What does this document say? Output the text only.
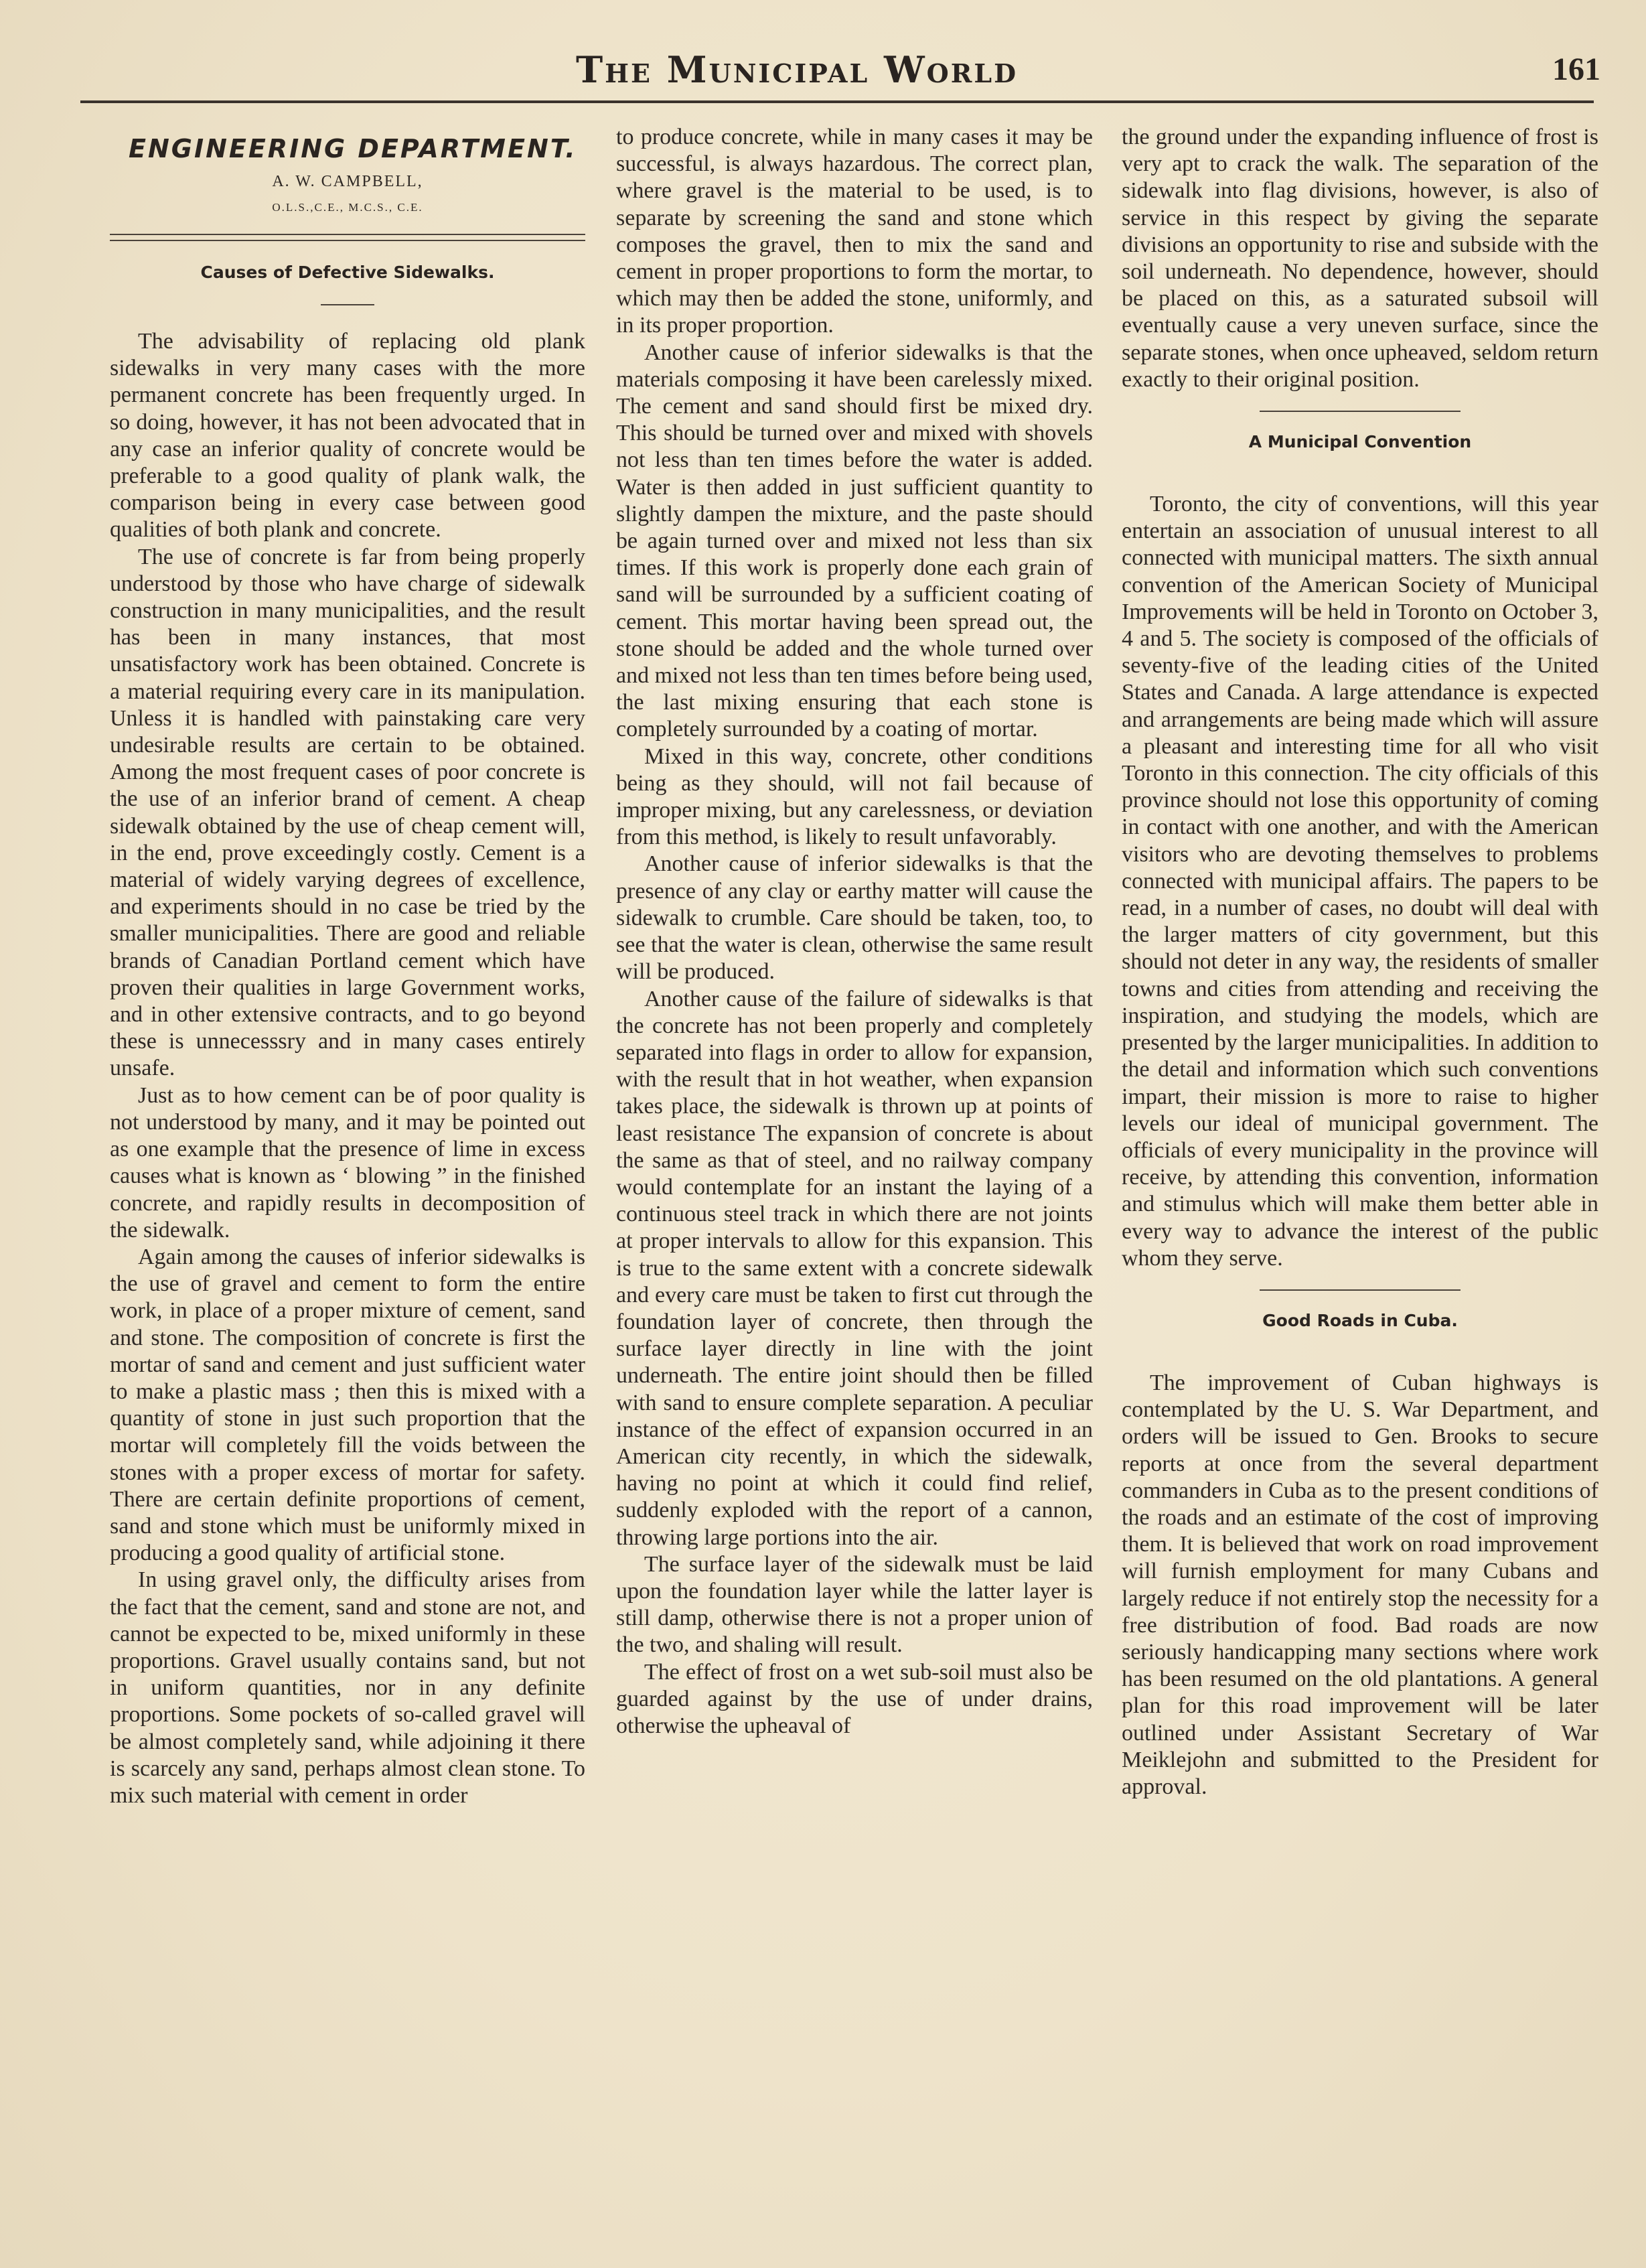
The Municipal World	161
ENGINEERING DEPARTMENT.
A. W. CAMPBELL,
O.L.S.,C.E., M.C.S., C.E.
Causes of Defective Sidewalks.

The advisability of replacing old plank sidewalks in very many cases with the more permanent concrete has been frequently urged. In so doing, however, it has not been advocated that in any case an inferior quality of concrete would be preferable to a good quality of plank walk, the comparison being in every case between good qualities of both plank and concrete.

The use of concrete is far from being properly understood by those who have charge of sidewalk construction in many municipalities, and the result has been in many instances, that most unsatisfactory work has been obtained. Concrete is a material requiring every care in its manipulation. Unless it is handled with painstaking care very undesirable results are certain to be obtained. Among the most frequent cases of poor concrete is the use of an inferior brand of cement. A cheap sidewalk obtained by the use of cheap cement will, in the end, prove exceedingly costly. Cement is a material of widely varying degrees of excellence, and experiments should in no case be tried by the smaller municipalities. There are good and reliable brands of Canadian Portland cement which have proven their qualities in large Government works, and in other extensive contracts, and to go beyond these is unnecesssry and in many cases entirely unsafe.

Just as to how cement can be of poor quality is not understood by many, and it may be pointed out as one example that the presence of lime in excess causes what is known as ‘ blowing ” in the finished concrete, and rapidly results in decomposition of the sidewalk.

Again among the causes of inferior sidewalks is the use of gravel and cement to form the entire work, in place of a proper mixture of cement, sand and stone. The composition of concrete is first the mortar of sand and cement and just sufficient water to make a plastic mass ; then this is mixed with a quantity of stone in just such proportion that the mortar will completely fill the voids between the stones with a proper excess of mortar for safety. There are certain definite proportions of cement, sand and stone which must be uniformly mixed in producing a good quality of artificial stone.

In using gravel only, the difficulty arises from the fact that the cement, sand and stone are not, and cannot be expected to be, mixed uniformly in these proportions. Gravel usually contains sand, but not in uniform quantities, nor in any definite proportions. Some pockets of so-called gravel will be almost completely sand, while adjoining it there is scarcely any sand, perhaps almost clean stone. To mix such material with cement in order

to produce concrete, while in many cases it may be successful, is always hazardous. The correct plan, where gravel is the material to be used, is to separate by screening the sand and stone which composes the gravel, then to mix the sand and cement in proper proportions to form the mortar, to which may then be added the stone, uniformly, and in its proper proportion.

Another cause of inferior sidewalks is that the materials composing it have been carelessly mixed. The cement and sand should first be mixed dry. This should be turned over and mixed with shovels not less than ten times before the water is added. Water is then added in just sufficient quantity to slightly dampen the mixture, and the paste should be again turned over and mixed not less than six times. If this work is properly done each grain of sand will be surrounded by a sufficient coating of cement. This mortar having been spread out, the stone should be added and the whole turned over and mixed not less than ten times before being used, the last mixing ensuring that each stone is completely surrounded by a coating of mortar.

Mixed in this way, concrete, other conditions being as they should, will not fail because of improper mixing, but any carelessness, or deviation from this method, is likely to result unfavorably.

Another cause of inferior sidewalks is that the presence of any clay or earthy matter will cause the sidewalk to crumble. Care should be taken, too, to see that the water is clean, otherwise the same result will be produced.

Another cause of the failure of sidewalks is that the concrete has not been properly and completely separated into flags in order to allow for expansion, with the result that in hot weather, when expansion takes place, the sidewalk is thrown up at points of least resistance The expansion of concrete is about the same as that of steel, and no railway company would contemplate for an instant the laying of a continuous steel track in which there are not joints at proper intervals to allow for this expansion. This is true to the same extent with a concrete sidewalk and every care must be taken to first cut through the foundation layer of concrete, then through the surface layer directly in line with the joint underneath. The entire joint should then be filled with sand to ensure complete separation. A peculiar instance of the effect of expansion occurred in an American city recently, in which the sidewalk, having no point at which it could find relief, suddenly exploded with the report of a cannon, throwing large portions into the air.

The surface layer of the sidewalk must be laid upon the foundation layer while the latter layer is still damp, otherwise there is not a proper union of the two, and shaling will result.

The effect of frost on a wet sub-soil must also be guarded against by the use of under drains, otherwise the upheaval of

the ground under the expanding influence of frost is very apt to crack the walk. The separation of the sidewalk into flag divisions, however, is also of service in this respect by giving the separate divisions an opportunity to rise and subside with the soil underneath. No dependence, however, should be placed on this, as a saturated subsoil will eventually cause a very uneven surface, since the separate stones, when once upheaved, seldom return exactly to their original position.

A Municipal Convention

Toronto, the city of conventions, will this year entertain an association of unusual interest to all connected with municipal matters. The sixth annual convention of the American Society of Municipal Improvements will be held in Toronto on October 3, 4 and 5. The society is composed of the officials of seventy-five of the leading cities of the United States and Canada. A large attendance is expected and arrangements are being made which will assure a pleasant and interesting time for all who visit Toronto in this connection. The city officials of this province should not lose this opportunity of coming in contact with one another, and with the American visitors who are devoting themselves to problems connected with municipal affairs. The papers to be read, in a number of cases, no doubt will deal with the larger matters of city government, but this should not deter in any way, the residents of smaller towns and cities from attending and receiving the inspiration, and studying the models, which are presented by the larger municipalities. In addition to the detail and information which such conventions impart, their mission is more to raise to higher levels our ideal of municipal government. The officials of every municipality in the province will receive, by attending this convention, information and stimulus which will make them better able in every way to advance the interest of the public whom they serve.

Good Roads in Cuba.

The improvement of Cuban highways is contemplated by the U. S. War Department, and orders will be issued to Gen. Brooks to secure reports at once from the several department commanders in Cuba as to the present conditions of the roads and an estimate of the cost of improving them. It is believed that work on road improvement will furnish employment for many Cubans and largely reduce if not entirely stop the necessity for a free distribution of food. Bad roads are now seriously handicapping many sections where work has been resumed on the old plantations. A general plan for this road improvement will be later outlined under Assistant Secretary of War Meiklejohn and submitted to the President for approval.
